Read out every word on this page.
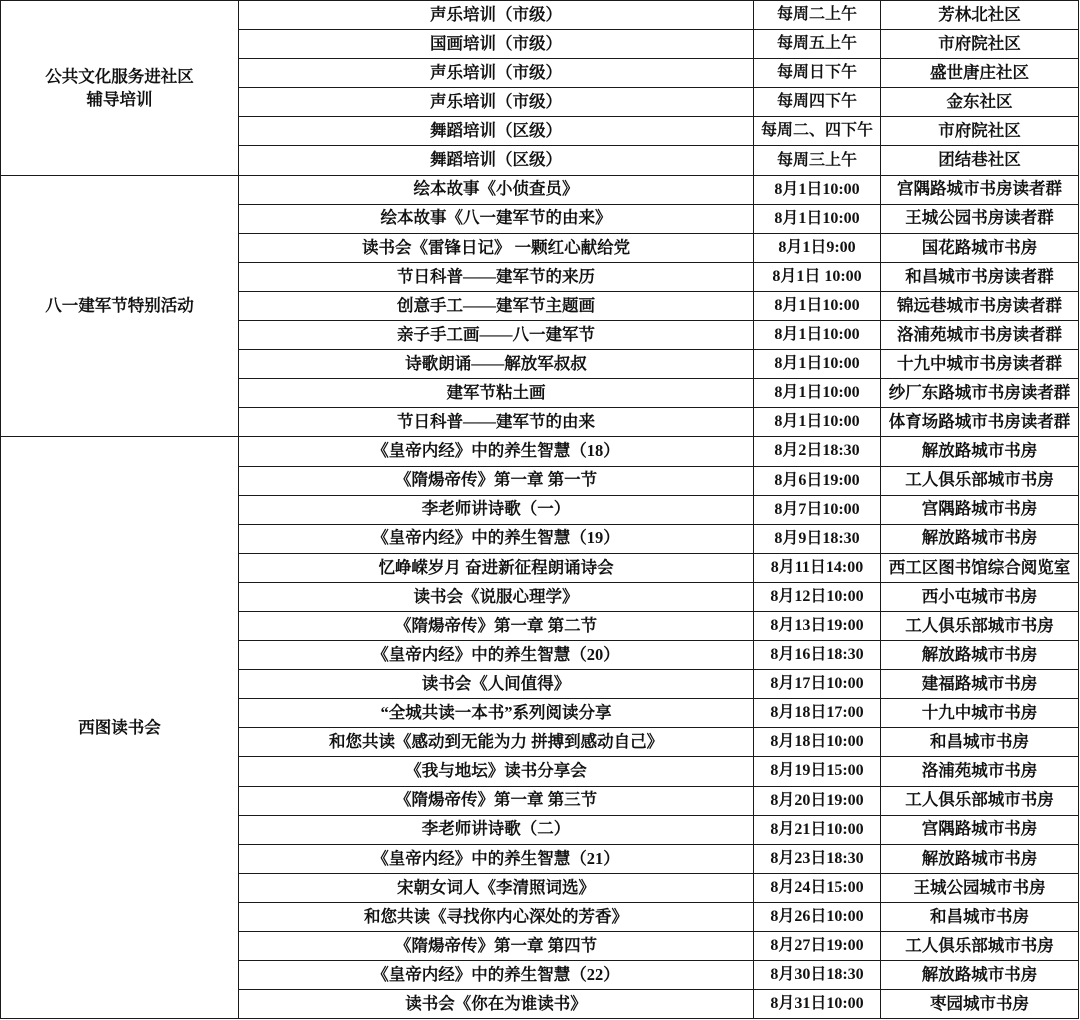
公共文化服务进社区
辅导培训	声乐培训（市级）	每周二上午	芳林北社区
	国画培训（市级）	每周五上午	市府院社区
	声乐培训（市级）	每周日下午	盛世唐庄社区
	声乐培训（市级）	每周四下午	金东社区
	舞蹈培训（区级）	每周二、四下午	市府院社区
	舞蹈培训（区级）	每周三上午	团结巷社区

八一建军节特别活动	绘本故事《小侦查员》	8月1日10:00	宫隅路城市书房读者群
	绘本故事《八一建军节的由来》	8月1日10:00	王城公园书房读者群
	读书会《雷锋日记》 一颗红心献给党	8月1日9:00	国花路城市书房
	节日科普——建军节的来历	8月1日 10:00	和昌城市书房读者群
	创意手工——建军节主题画	8月1日10:00	锦远巷城市书房读者群
	亲子手工画——八一建军节	8月1日10:00	洛浦苑城市书房读者群
	诗歌朗诵——解放军叔叔	8月1日10:00	十九中城市书房读者群
	建军节粘土画	8月1日10:00	纱厂东路城市书房读者群
	节日科普——建军节的由来	8月1日10:00	体育场路城市书房读者群

西图读书会	《皇帝内经》中的养生智慧（18）	8月2日18:30	解放路城市书房
	《隋煬帝传》第一章 第一节	8月6日19:00	工人俱乐部城市书房
	李老师讲诗歌（一）	8月7日10:00	宫隅路城市书房
	《皇帝内经》中的养生智慧（19）	8月9日18:30	解放路城市书房
	忆峥嵘岁月 奋进新征程朗诵诗会	8月11日14:00	西工区图书馆综合阅览室
	读书会《说服心理学》	8月12日10:00	西小屯城市书房
	《隋煬帝传》第一章 第二节	8月13日19:00	工人俱乐部城市书房
	《皇帝内经》中的养生智慧（20）	8月16日18:30	解放路城市书房
	读书会《人间值得》	8月17日10:00	建福路城市书房
	“全城共读一本书”系列阅读分享	8月18日17:00	十九中城市书房
	和您共读《感动到无能为力 拼搏到感动自己》	8月18日10:00	和昌城市书房
	《我与地坛》读书分享会	8月19日15:00	洛浦苑城市书房
	《隋煬帝传》第一章 第三节	8月20日19:00	工人俱乐部城市书房
	李老师讲诗歌（二）	8月21日10:00	宫隅路城市书房
	《皇帝内经》中的养生智慧（21）	8月23日18:30	解放路城市书房
	宋朝女词人《李清照词选》	8月24日15:00	王城公园城市书房
	和您共读《寻找你内心深处的芳香》	8月26日10:00	和昌城市书房
	《隋煬帝传》第一章 第四节	8月27日19:00	工人俱乐部城市书房
	《皇帝内经》中的养生智慧（22）	8月30日18:30	解放路城市书房
	读书会《你在为谁读书》	8月31日10:00	枣园城市书房
